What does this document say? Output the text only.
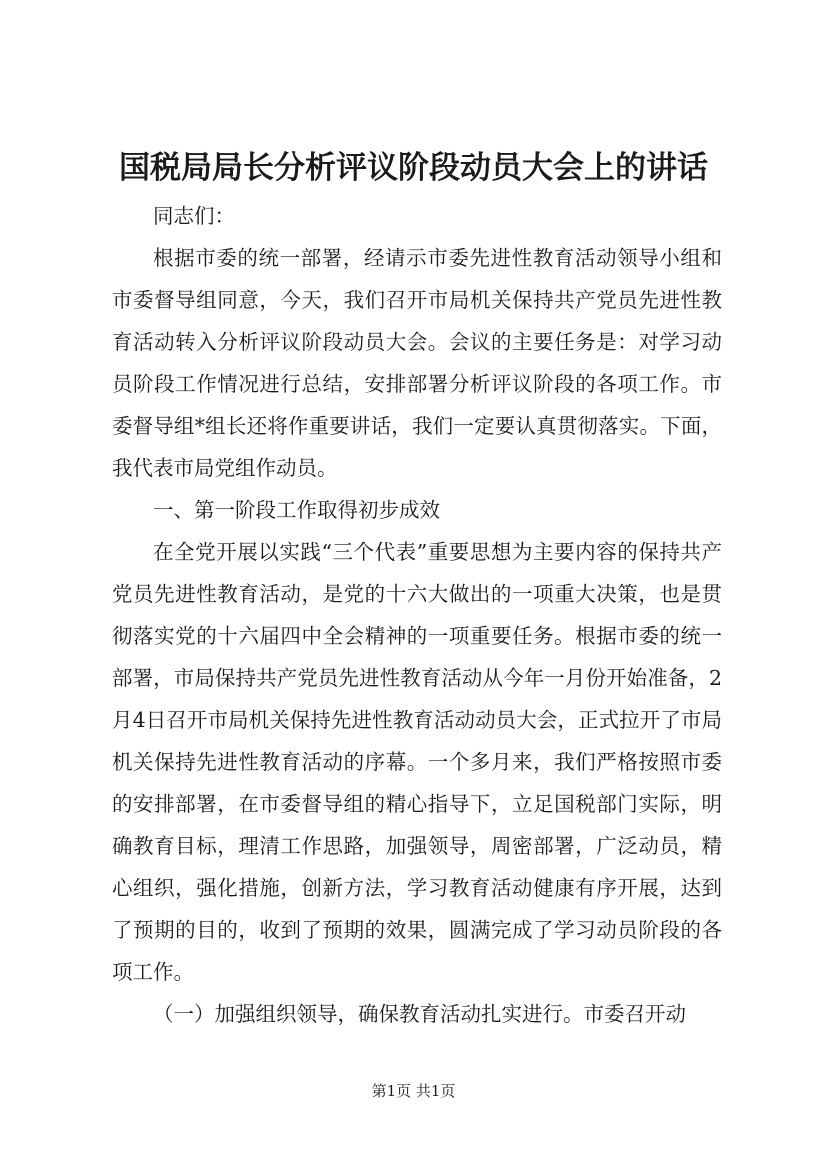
国税局局长分析评议阶段动员大会上的讲话

同志们：

根据市委的统一部署，经请示市委先进性教育活动领导小组和市委督导组同意，今天，我们召开市局机关保持共产党员先进性教育活动转入分析评议阶段动员大会。会议的主要任务是：对学习动员阶段工作情况进行总结，安排部署分析评议阶段的各项工作。市委督导组*组长还将作重要讲话，我们一定要认真贯彻落实。下面，我代表市局党组作动员。

一、第一阶段工作取得初步成效

在全党开展以实践“三个代表”重要思想为主要内容的保持共产党员先进性教育活动，是党的十六大做出的一项重大决策，也是贯彻落实党的十六届四中全会精神的一项重要任务。根据市委的统一部署，市局保持共产党员先进性教育活动从今年一月份开始准备，2月4日召开市局机关保持先进性教育活动动员大会，正式拉开了市局机关保持先进性教育活动的序幕。一个多月来，我们严格按照市委的安排部署，在市委督导组的精心指导下，立足国税部门实际，明确教育目标，理清工作思路，加强领导，周密部署，广泛动员，精心组织，强化措施，创新方法，学习教育活动健康有序开展，达到了预期的目的，收到了预期的效果，圆满完成了学习动员阶段的各项工作。

（一）加强组织领导，确保教育活动扎实进行。市委召开动

第1页 共1页
